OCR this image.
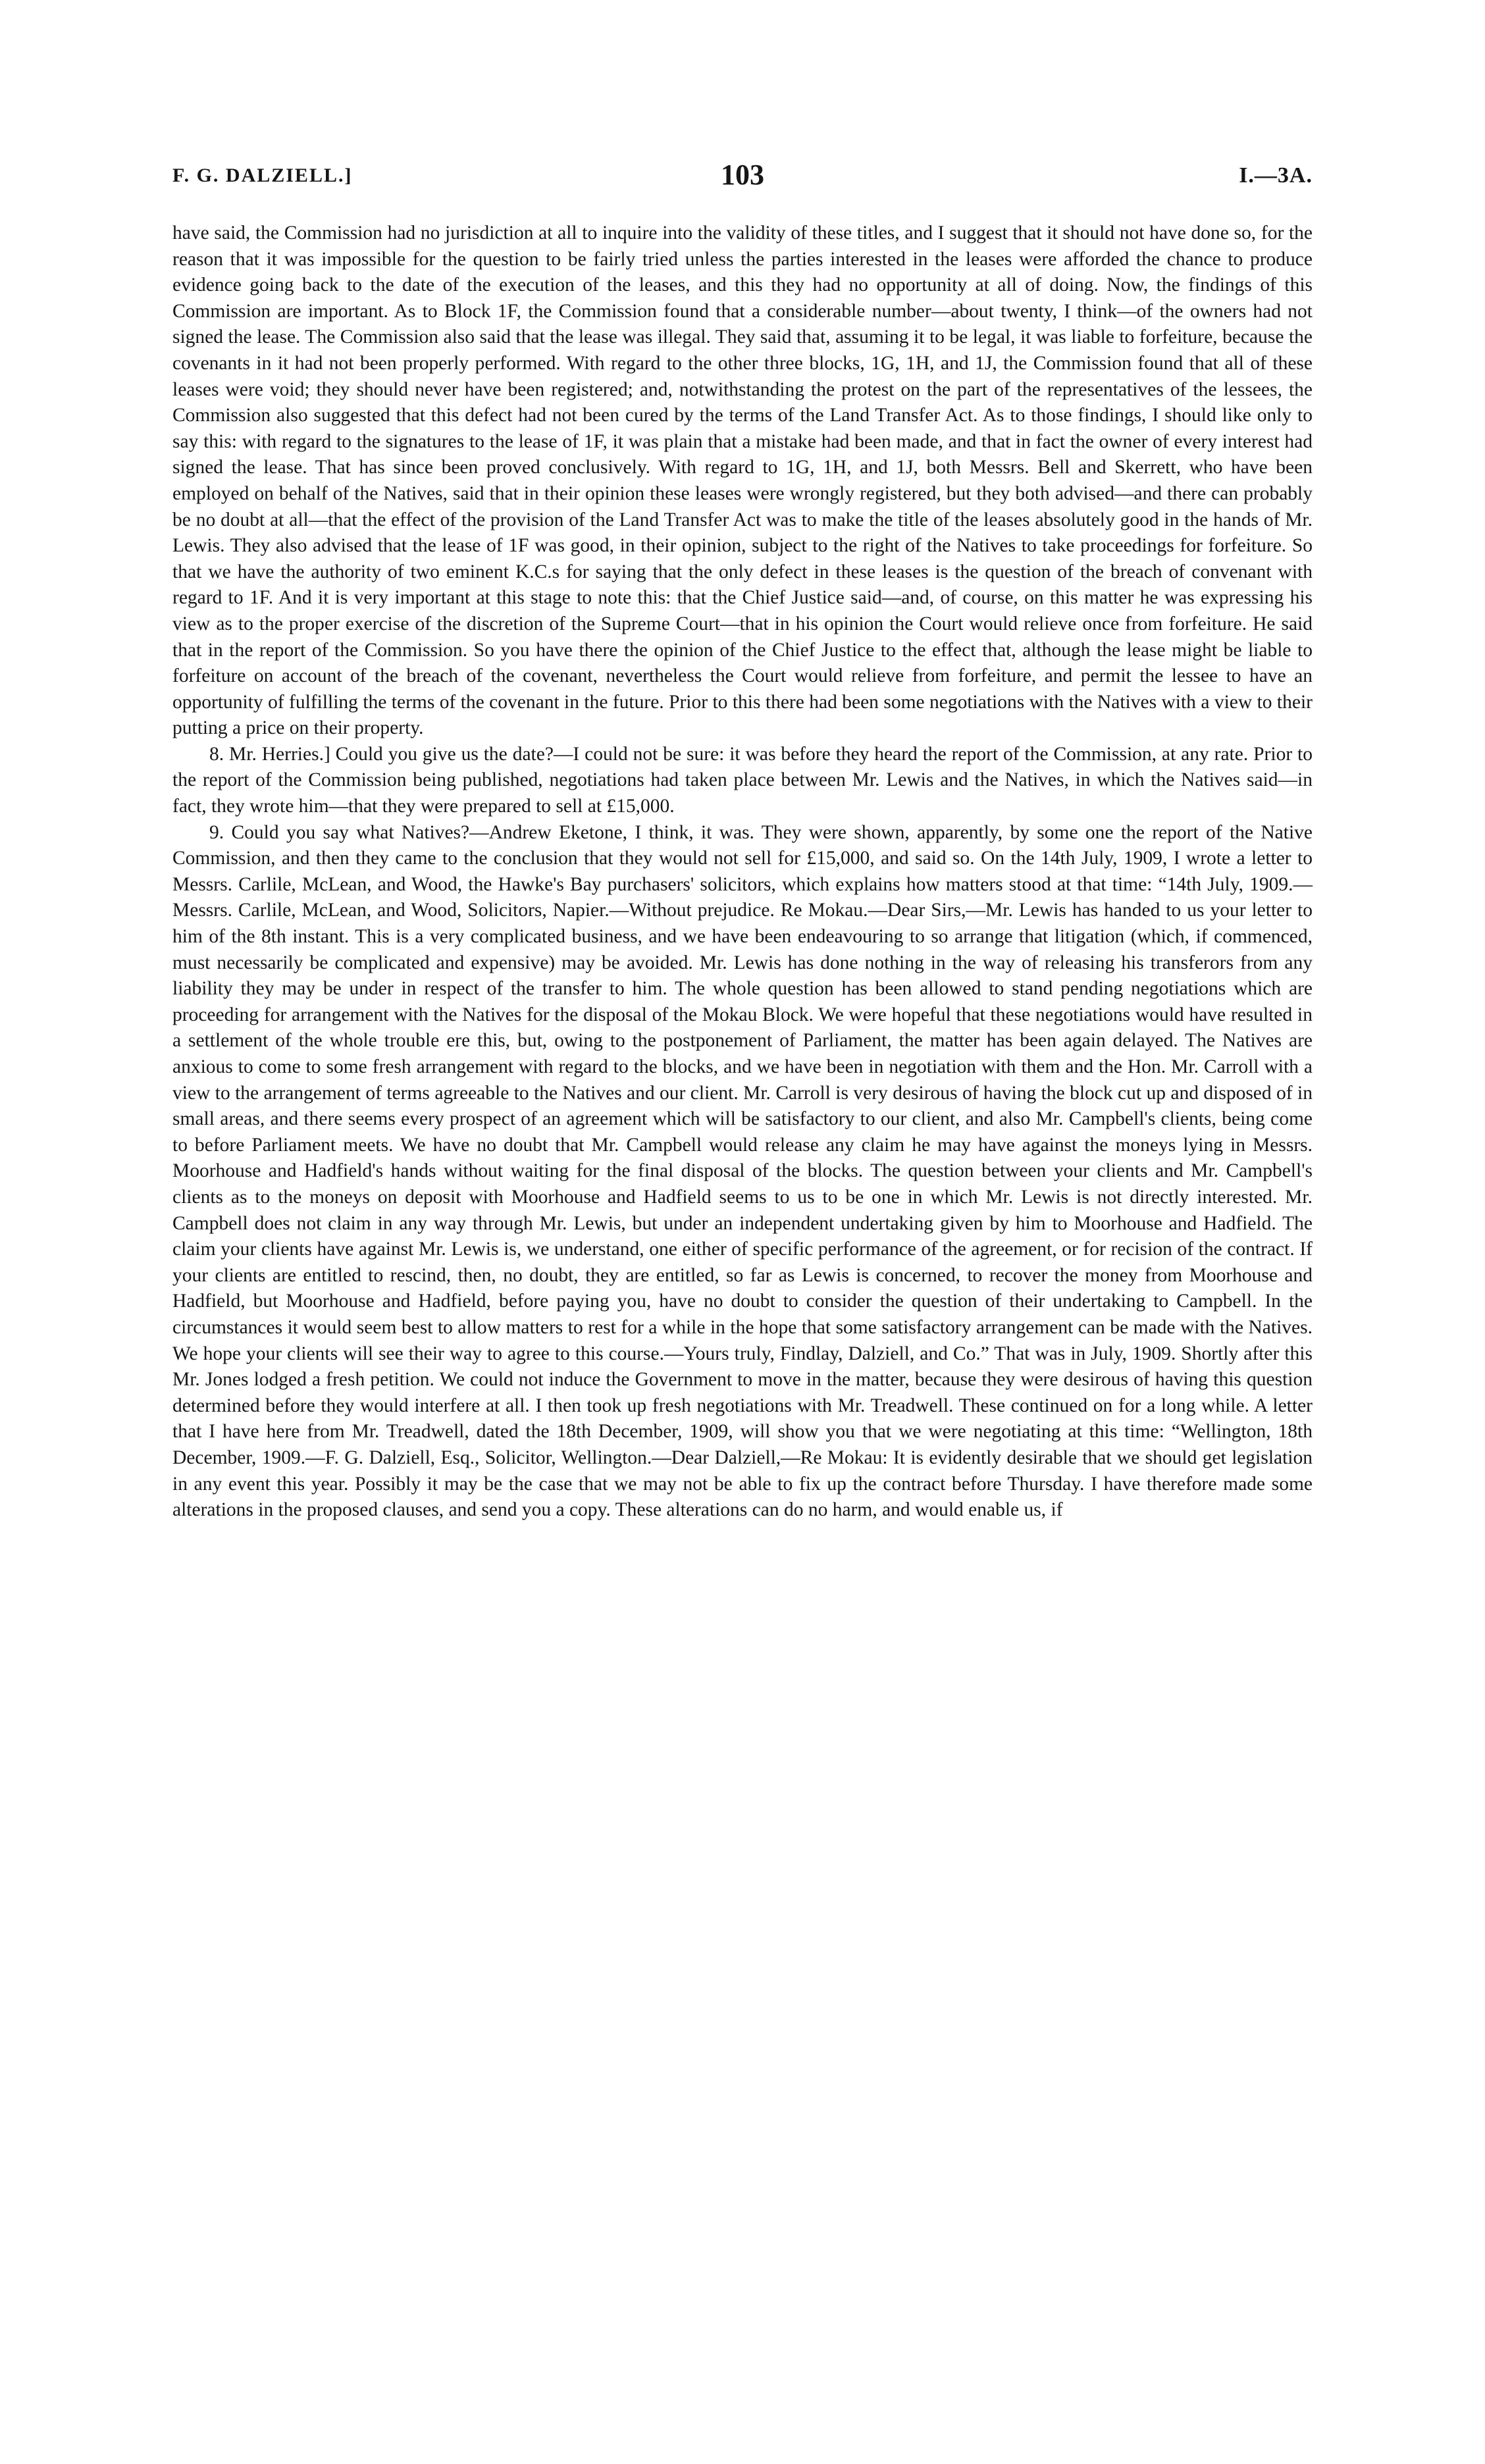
F. G. DALZIELL.]	103	I.—3A.

have said, the Commission had no jurisdiction at all to inquire into the validity of these titles, and I suggest that it should not have done so, for the reason that it was impossible for the question to be fairly tried unless the parties interested in the leases were afforded the chance to produce evidence going back to the date of the execution of the leases, and this they had no opportunity at all of doing. Now, the findings of this Commission are important. As to Block 1F, the Commission found that a considerable number—about twenty, I think—of the owners had not signed the lease. The Commission also said that the lease was illegal. They said that, assuming it to be legal, it was liable to forfeiture, because the covenants in it had not been properly performed. With regard to the other three blocks, 1G, 1H, and 1J, the Commission found that all of these leases were void; they should never have been registered; and, notwithstanding the protest on the part of the representatives of the lessees, the Commission also suggested that this defect had not been cured by the terms of the Land Transfer Act. As to those findings, I should like only to say this: with regard to the signatures to the lease of 1F, it was plain that a mistake had been made, and that in fact the owner of every interest had signed the lease. That has since been proved conclusively. With regard to 1G, 1H, and 1J, both Messrs. Bell and Skerrett, who have been employed on behalf of the Natives, said that in their opinion these leases were wrongly registered, but they both advised—and there can probably be no doubt at all—that the effect of the provision of the Land Transfer Act was to make the title of the leases absolutely good in the hands of Mr. Lewis. They also advised that the lease of 1F was good, in their opinion, subject to the right of the Natives to take proceedings for forfeiture. So that we have the authority of two eminent K.C.s for saying that the only defect in these leases is the question of the breach of convenant with regard to 1F. And it is very important at this stage to note this: that the Chief Justice said—and, of course, on this matter he was expressing his view as to the proper exercise of the discretion of the Supreme Court—that in his opinion the Court would relieve once from forfeiture. He said that in the report of the Commission. So you have there the opinion of the Chief Justice to the effect that, although the lease might be liable to forfeiture on account of the breach of the covenant, nevertheless the Court would relieve from forfeiture, and permit the lessee to have an opportunity of fulfilling the terms of the covenant in the future. Prior to this there had been some negotiations with the Natives with a view to their putting a price on their property.

8. Mr. Herries.] Could you give us the date?—I could not be sure: it was before they heard the report of the Commission, at any rate. Prior to the report of the Commission being published, negotiations had taken place between Mr. Lewis and the Natives, in which the Natives said—in fact, they wrote him—that they were prepared to sell at £15,000.

9. Could you say what Natives?—Andrew Eketone, I think, it was. They were shown, apparently, by some one the report of the Native Commission, and then they came to the conclusion that they would not sell for £15,000, and said so. On the 14th July, 1909, I wrote a letter to Messrs. Carlile, McLean, and Wood, the Hawke's Bay purchasers' solicitors, which explains how matters stood at that time: “14th July, 1909.—Messrs. Carlile, McLean, and Wood, Solicitors, Napier.—Without prejudice. Re Mokau.—Dear Sirs,—Mr. Lewis has handed to us your letter to him of the 8th instant. This is a very complicated business, and we have been endeavouring to so arrange that litigation (which, if commenced, must necessarily be complicated and expensive) may be avoided. Mr. Lewis has done nothing in the way of releasing his transferors from any liability they may be under in respect of the transfer to him. The whole question has been allowed to stand pending negotiations which are proceeding for arrangement with the Natives for the disposal of the Mokau Block. We were hopeful that these negotiations would have resulted in a settlement of the whole trouble ere this, but, owing to the postponement of Parliament, the matter has been again delayed. The Natives are anxious to come to some fresh arrangement with regard to the blocks, and we have been in negotiation with them and the Hon. Mr. Carroll with a view to the arrangement of terms agreeable to the Natives and our client. Mr. Carroll is very desirous of having the block cut up and disposed of in small areas, and there seems every prospect of an agreement which will be satisfactory to our client, and also Mr. Campbell's clients, being come to before Parliament meets. We have no doubt that Mr. Campbell would release any claim he may have against the moneys lying in Messrs. Moorhouse and Hadfield's hands without waiting for the final disposal of the blocks. The question between your clients and Mr. Campbell's clients as to the moneys on deposit with Moorhouse and Hadfield seems to us to be one in which Mr. Lewis is not directly interested. Mr. Campbell does not claim in any way through Mr. Lewis, but under an independent undertaking given by him to Moorhouse and Hadfield. The claim your clients have against Mr. Lewis is, we understand, one either of specific performance of the agreement, or for recision of the contract. If your clients are entitled to rescind, then, no doubt, they are entitled, so far as Lewis is concerned, to recover the money from Moorhouse and Hadfield, but Moorhouse and Hadfield, before paying you, have no doubt to consider the question of their undertaking to Campbell. In the circumstances it would seem best to allow matters to rest for a while in the hope that some satisfactory arrangement can be made with the Natives. We hope your clients will see their way to agree to this course.—Yours truly, Findlay, Dalziell, and Co.” That was in July, 1909. Shortly after this Mr. Jones lodged a fresh petition. We could not induce the Government to move in the matter, because they were desirous of having this question determined before they would interfere at all. I then took up fresh negotiations with Mr. Treadwell. These continued on for a long while. A letter that I have here from Mr. Treadwell, dated the 18th December, 1909, will show you that we were negotiating at this time: “Wellington, 18th December, 1909.—F. G. Dalziell, Esq., Solicitor, Wellington.—Dear Dalziell,—Re Mokau: It is evidently desirable that we should get legislation in any event this year. Possibly it may be the case that we may not be able to fix up the contract before Thursday. I have therefore made some alterations in the proposed clauses, and send you a copy. These alterations can do no harm, and would enable us, if
